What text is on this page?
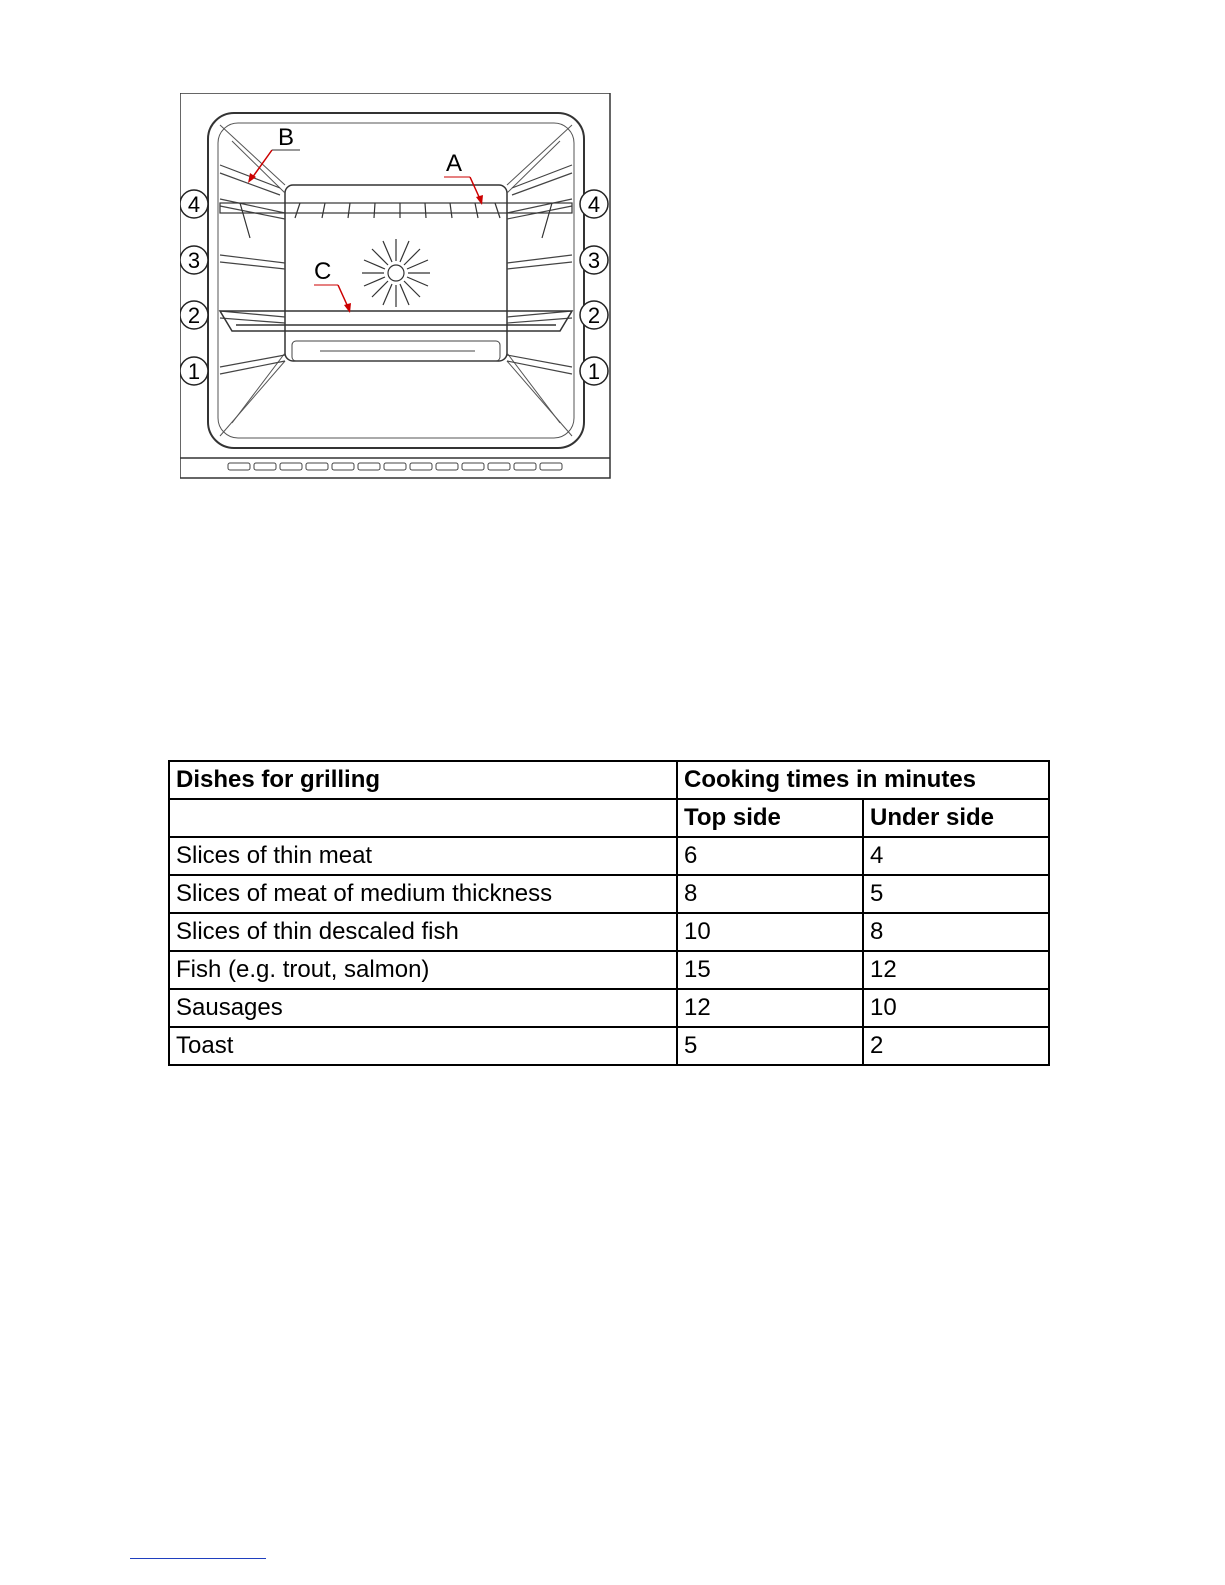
B
A
C
4
3
2
1
4
3
2
1
Dishes for grilling	Cooking times in minutes	
	Top side	Under side
Slices of thin meat	6	4
Slices of meat of medium thickness	8	5
Slices of thin descaled fish	10	8
Fish (e.g. trout, salmon)	15	12
Sausages	12	10
Toast	5	2
